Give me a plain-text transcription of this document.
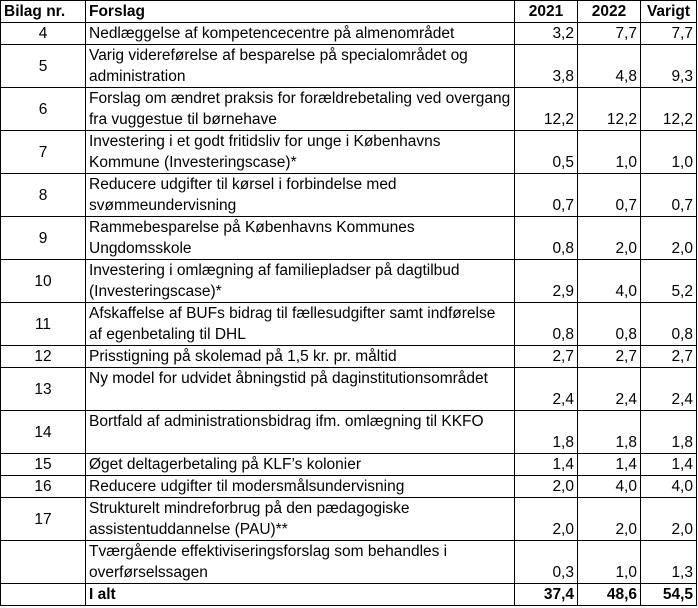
Bilag nr.	Forslag	2021	2022	Varigt
4	Nedlæggelse af kompetencecentre på almenområdet	3,2	7,7	7,7
5	Varig videreførelse af besparelse på specialområdet og administration	3,8	4,8	9,3
6	Forslag om ændret praksis for forældrebetaling ved overgang fra vuggestue til børnehave	12,2	12,2	12,2
7	Investering i et godt fritidsliv for unge i Københavns Kommune (Investeringscase)*	0,5	1,0	1,0
8	Reducere udgifter til kørsel i forbindelse med svømmeundervisning	0,7	0,7	0,7
9	Rammebesparelse på Københavns Kommunes Ungdomsskole	0,8	2,0	2,0
10	Investering i omlægning af familiepladser på dagtilbud (Investeringscase)*	2,9	4,0	5,2
11	Afskaffelse af BUFs bidrag til fællesudgifter samt indførelse af egenbetaling til DHL	0,8	0,8	0,8
12	Prisstigning på skolemad på 1,5 kr. pr. måltid	2,7	2,7	2,7
13	Ny model for udvidet åbningstid på daginstitutionsområdet	2,4	2,4	2,4
14	Bortfald af administrationsbidrag ifm. omlægning til KKFO	1,8	1,8	1,8
15	Øget deltagerbetaling på KLF’s kolonier	1,4	1,4	1,4
16	Reducere udgifter til modersmålsundervisning	2,0	4,0	4,0
17	Strukturelt mindreforbrug på den pædagogiske assistentuddannelse (PAU)**	2,0	2,0	2,0
	Tværgående effektiviseringsforslag som behandles i overførselssagen	0,3	1,0	1,3
	I alt	37,4	48,6	54,5
